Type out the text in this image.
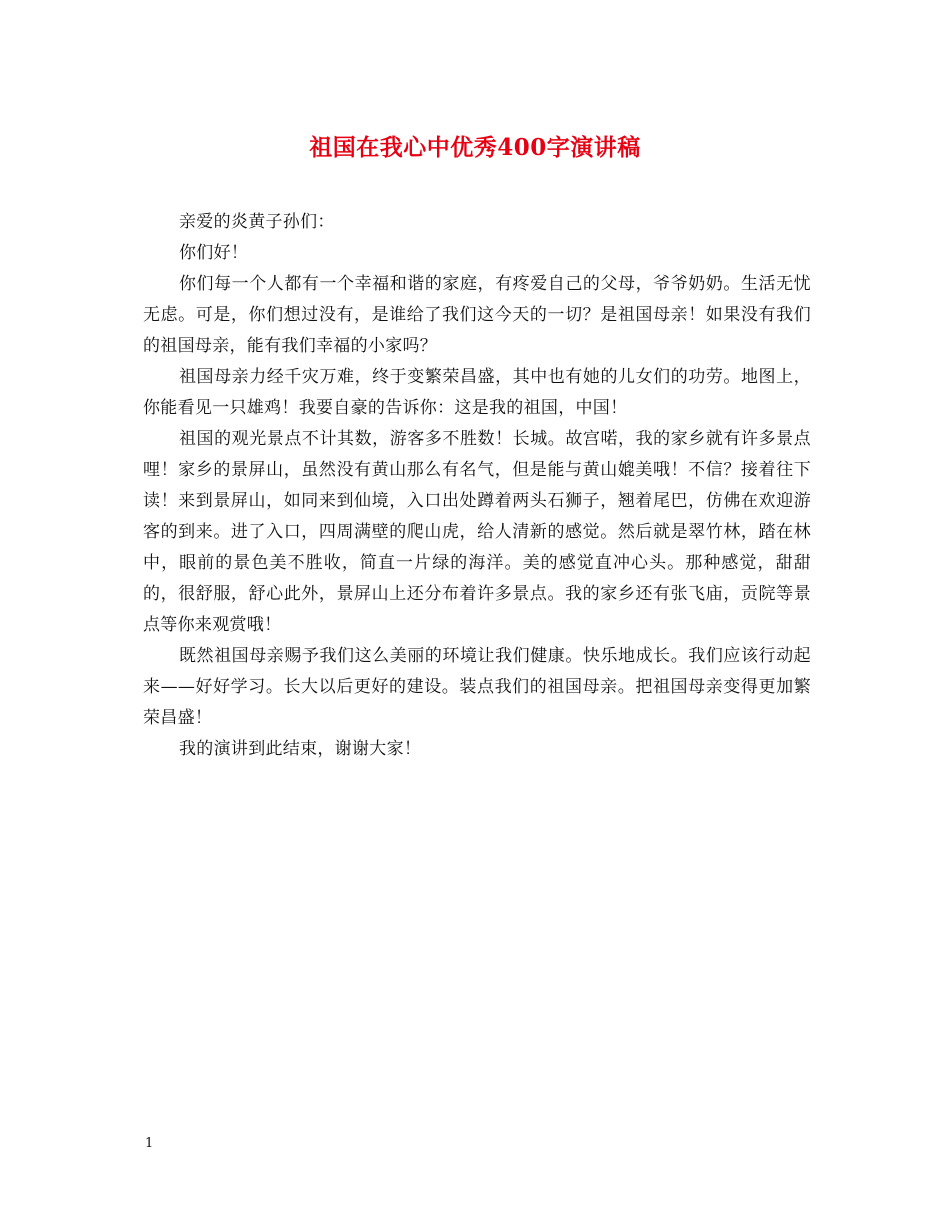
祖国在我心中优秀400字演讲稿

亲爱的炎黄子孙们：

你们好！

你们每一个人都有一个幸福和谐的家庭，有疼爱自己的父母，爷爷奶奶。生活无忧无虑。可是，你们想过没有，是谁给了我们这今天的一切？是祖国母亲！如果没有我们的祖国母亲，能有我们幸福的小家吗？

祖国母亲力经千灾万难，终于变繁荣昌盛，其中也有她的儿女们的功劳。地图上，你能看见一只雄鸡！我要自豪的告诉你：这是我的祖国，中国！

祖国的观光景点不计其数，游客多不胜数！长城。故宫喏，我的家乡就有许多景点哩！家乡的景屏山，虽然没有黄山那么有名气，但是能与黄山媲美哦！不信？接着往下读！来到景屏山，如同来到仙境，入口出处蹲着两头石狮子，翘着尾巴，仿佛在欢迎游客的到来。进了入口，四周满壁的爬山虎，给人清新的感觉。然后就是翠竹林，踏在林中，眼前的景色美不胜收，简直一片绿的海洋。美的感觉直冲心头。那种感觉，甜甜的，很舒服，舒心此外，景屏山上还分布着许多景点。我的家乡还有张飞庙，贡院等景点等你来观赏哦！

既然祖国母亲赐予我们这么美丽的环境让我们健康。快乐地成长。我们应该行动起来——好好学习。长大以后更好的建设。装点我们的祖国母亲。把祖国母亲变得更加繁荣昌盛！

我的演讲到此结束，谢谢大家！

1
